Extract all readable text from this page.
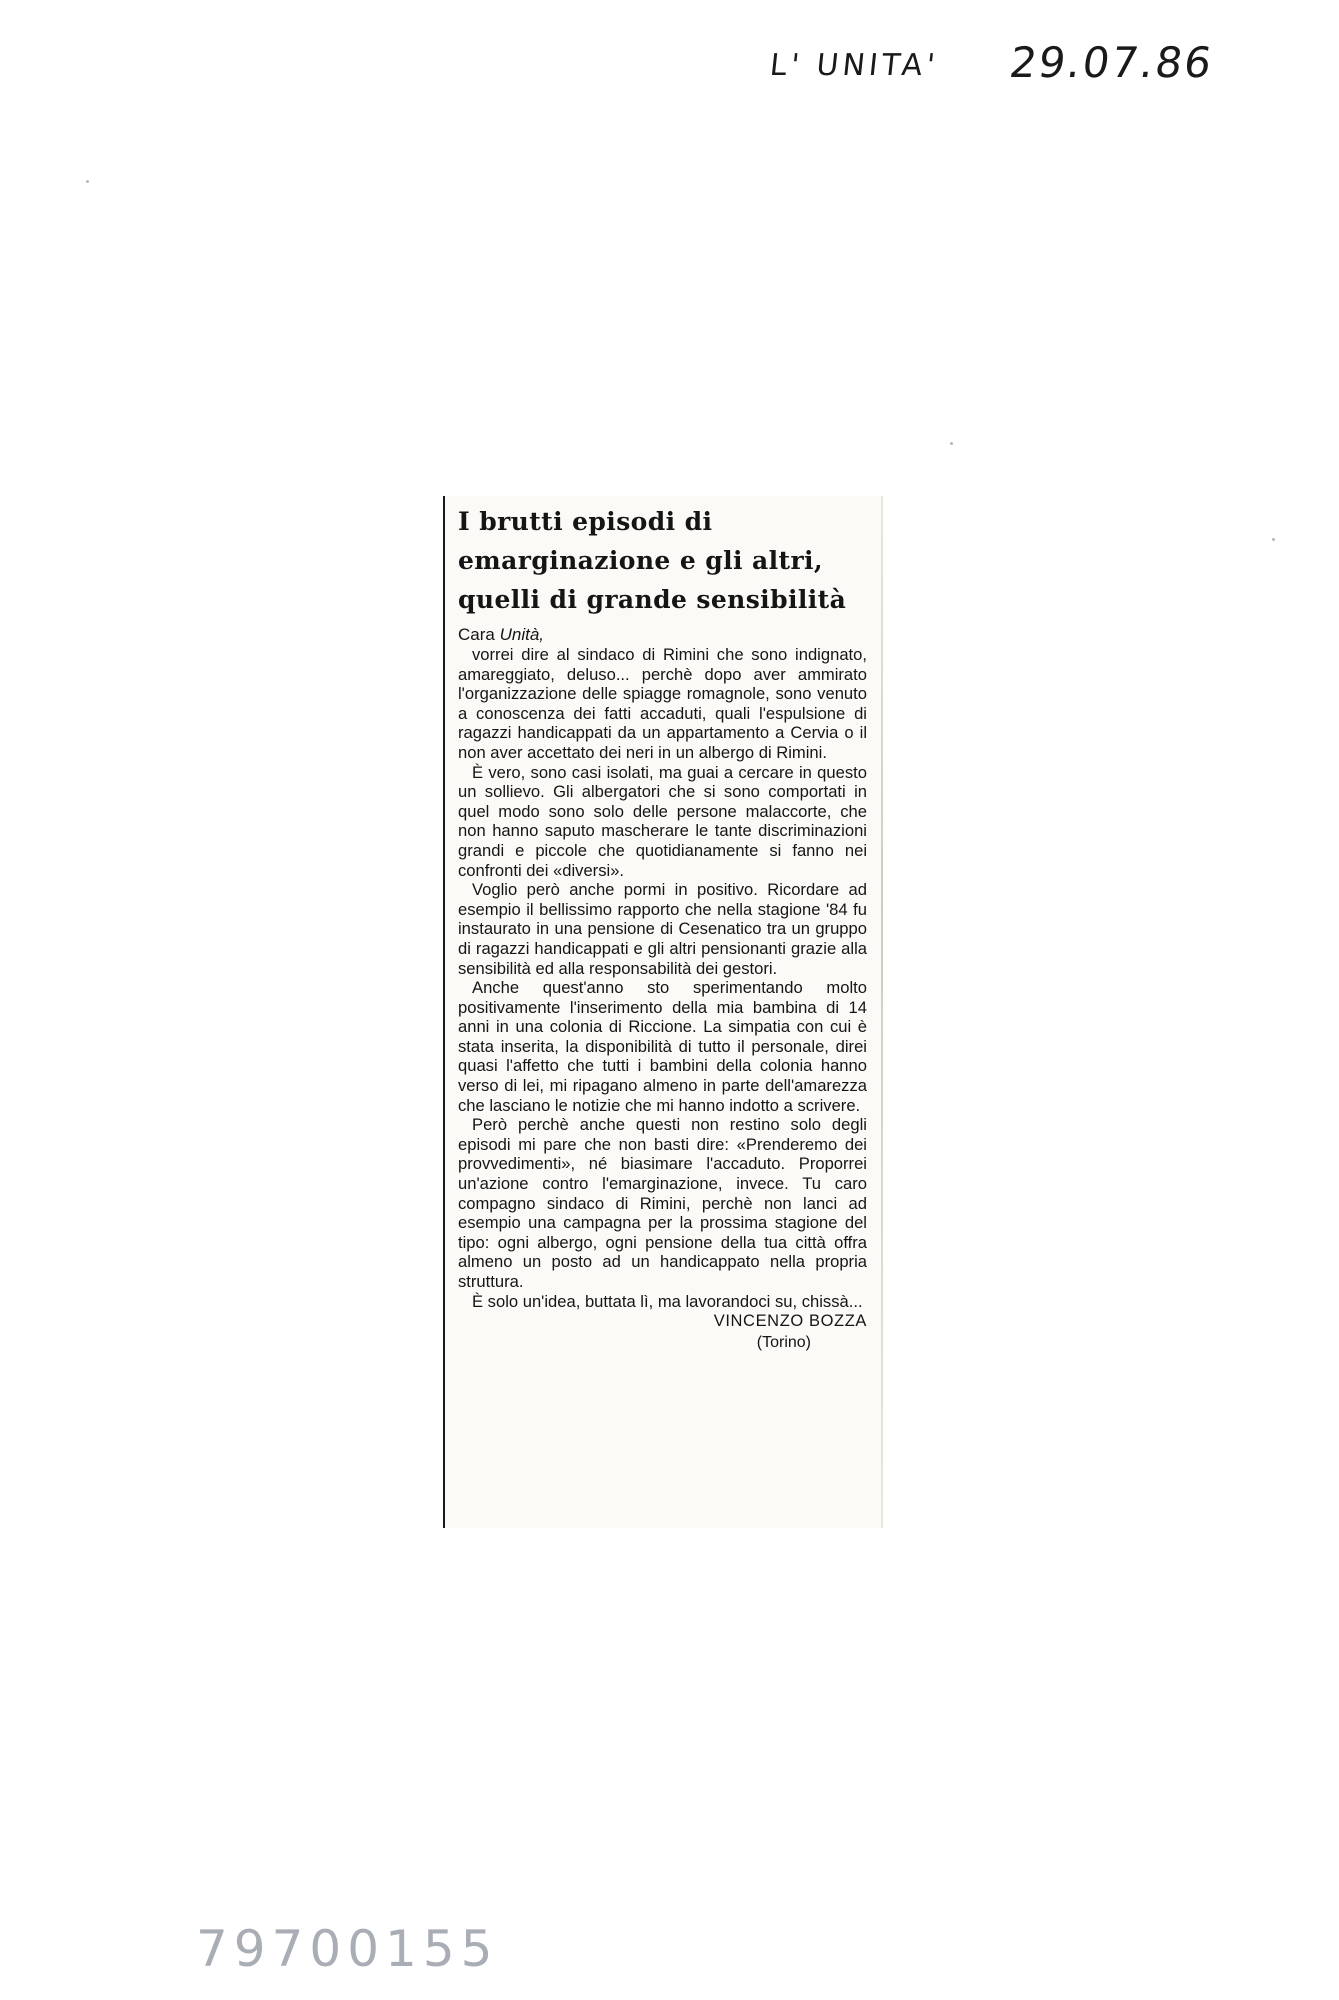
L' UNITA' 29.07.86
I brutti episodi di
emarginazione e gli altri,
quelli di grande sensibilità

Cara Unità,

vorrei dire al sindaco di Rimini che sono indignato, amareggiato, deluso... perchè dopo aver ammirato l'organizzazione delle spiagge romagnole, sono venuto a conoscenza dei fatti accaduti, quali l'espulsione di ragazzi handicappati da un appartamento a Cervia o il non aver accettato dei neri in un albergo di Rimini.

È vero, sono casi isolati, ma guai a cercare in questo un sollievo. Gli albergatori che si sono comportati in quel modo sono solo delle persone malaccorte, che non hanno saputo mascherare le tante discriminazioni grandi e piccole che quotidianamente si fanno nei confronti dei «diversi».

Voglio però anche pormi in positivo. Ricordare ad esempio il bellissimo rapporto che nella stagione '84 fu instaurato in una pensione di Cesenatico tra un gruppo di ragazzi handicappati e gli altri pensionanti grazie alla sensibilità ed alla responsabilità dei gestori.

Anche quest'anno sto sperimentando molto positivamente l'inserimento della mia bambina di 14 anni in una colonia di Riccione. La simpatia con cui è stata inserita, la disponibilità di tutto il personale, direi quasi l'affetto che tutti i bambini della colonia hanno verso di lei, mi ripagano almeno in parte dell'amarezza che lasciano le notizie che mi hanno indotto a scrivere.

Però perchè anche questi non restino solo degli episodi mi pare che non basti dire: «Prenderemo dei provvedimenti», né biasimare l'accaduto. Proporrei un'azione contro l'emarginazione, invece. Tu caro compagno sindaco di Rimini, perchè non lanci ad esempio una campagna per la prossima stagione del tipo: ogni albergo, ogni pensione della tua città offra almeno un posto ad un handicappato nella propria struttura.

È solo un'idea, buttata lì, ma lavorandoci su, chissà...

VINCENZO BOZZA

(Torino)

79700155
